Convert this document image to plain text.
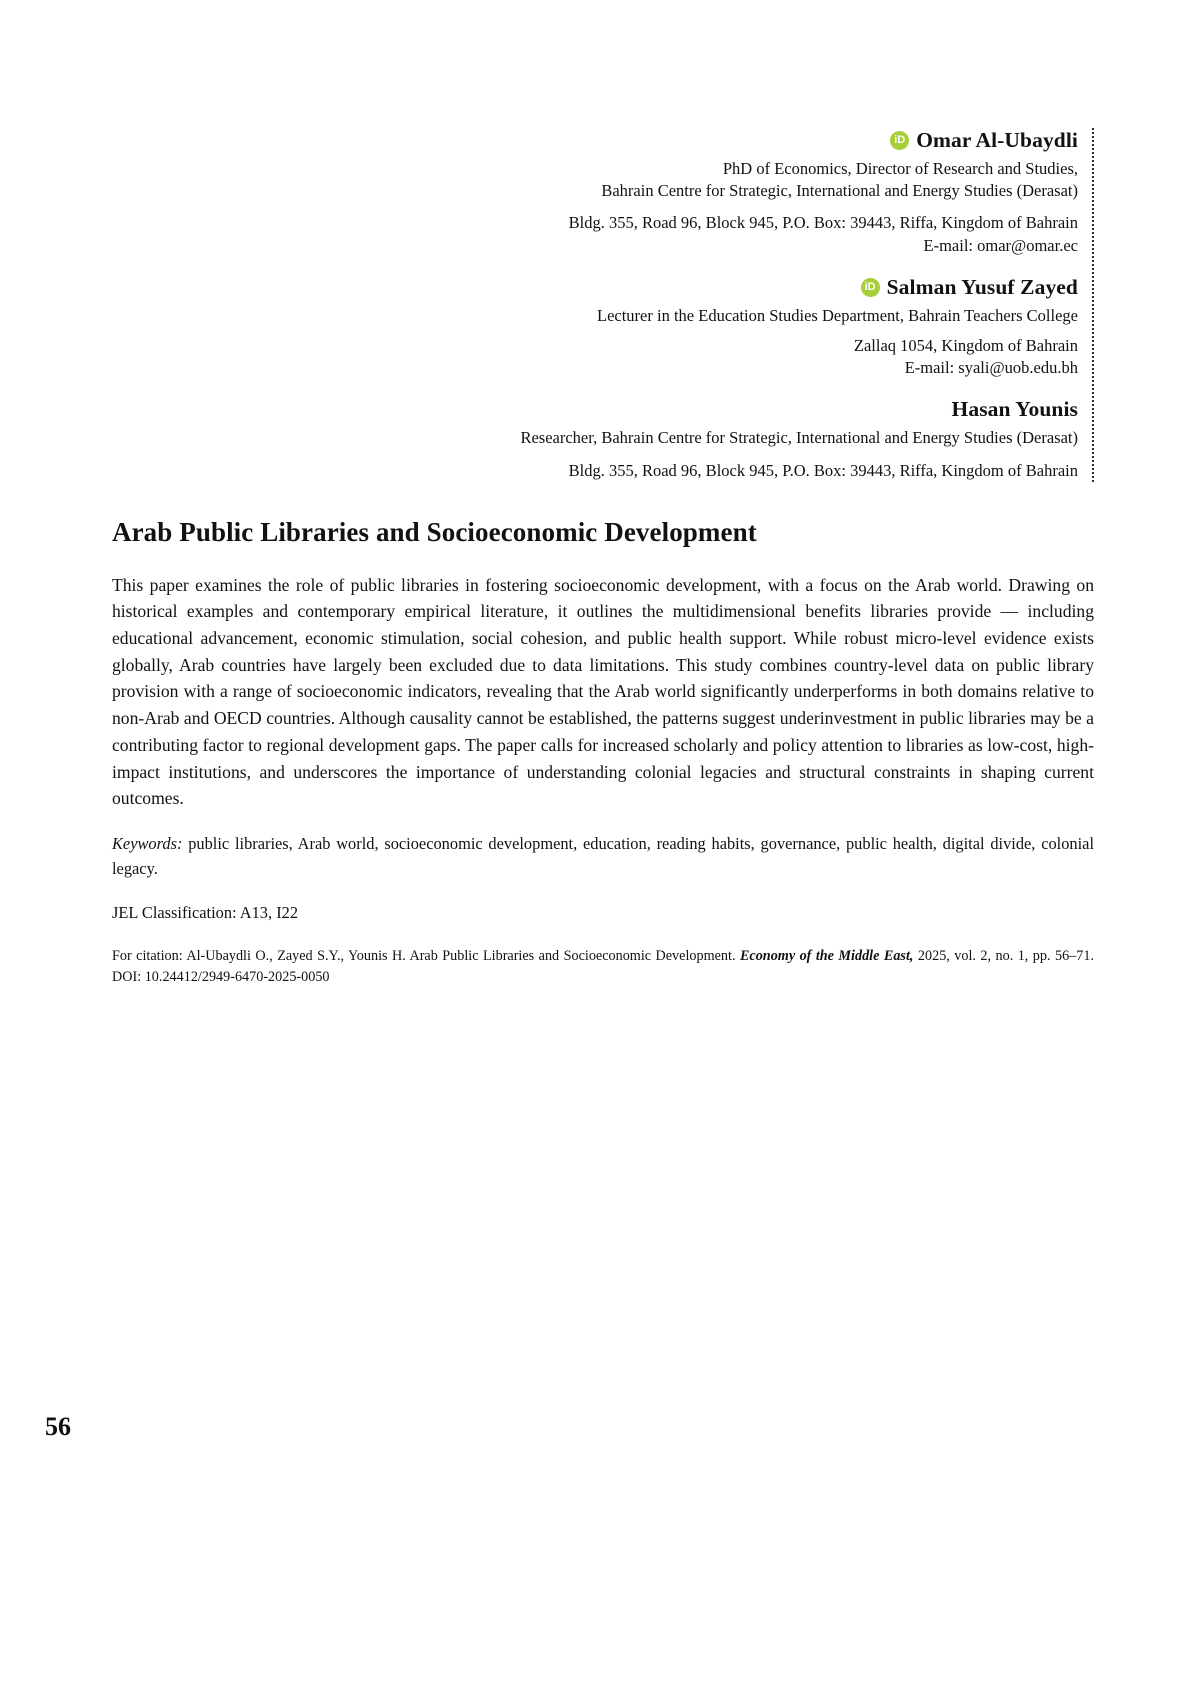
iD Omar Al-Ubaydli

PhD of Economics, Director of Research and Studies,
Bahrain Centre for Strategic, International and Energy Studies (Derasat)

Bldg. 355, Road 96, Block 945, P.O. Box: 39443, Riffa, Kingdom of Bahrain

E-mail: omar@omar.ec

iD Salman Yusuf Zayed

Lecturer in the Education Studies Department, Bahrain Teachers College

Zallaq 1054, Kingdom of Bahrain

E-mail: syali@uob.edu.bh

Hasan Younis

Researcher, Bahrain Centre for Strategic, International and Energy Studies (Derasat)

Bldg. 355, Road 96, Block 945, P.O. Box: 39443, Riffa, Kingdom of Bahrain

Arab Public Libraries and Socioeconomic Development

This paper examines the role of public libraries in fostering socioeconomic development, with a focus on the Arab world. Drawing on historical examples and contemporary empirical literature, it outlines the multidimensional benefits libraries provide — including educational advancement, economic stimulation, social cohesion, and public health support. While robust micro-level evidence exists globally, Arab countries have largely been excluded due to data limitations. This study combines country-level data on public library provision with a range of socioeconomic indicators, revealing that the Arab world significantly underperforms in both domains relative to non-Arab and OECD countries. Although causality cannot be established, the patterns suggest underinvestment in public libraries may be a contributing factor to regional development gaps. The paper calls for increased scholarly and policy attention to libraries as low-cost, high-impact institutions, and underscores the importance of understanding colonial legacies and structural constraints in shaping current outcomes.

Keywords: public libraries, Arab world, socioeconomic development, education, reading habits, governance, public health, digital divide, colonial legacy.

JEL Classification: A13, I22

For citation: Al-Ubaydli O., Zayed S.Y., Younis H. Arab Public Libraries and Socioeconomic Development. Economy of the Middle East, 2025, vol. 2, no. 1, pp. 56–71. DOI: 10.24412/2949-6470-2025-0050

56
